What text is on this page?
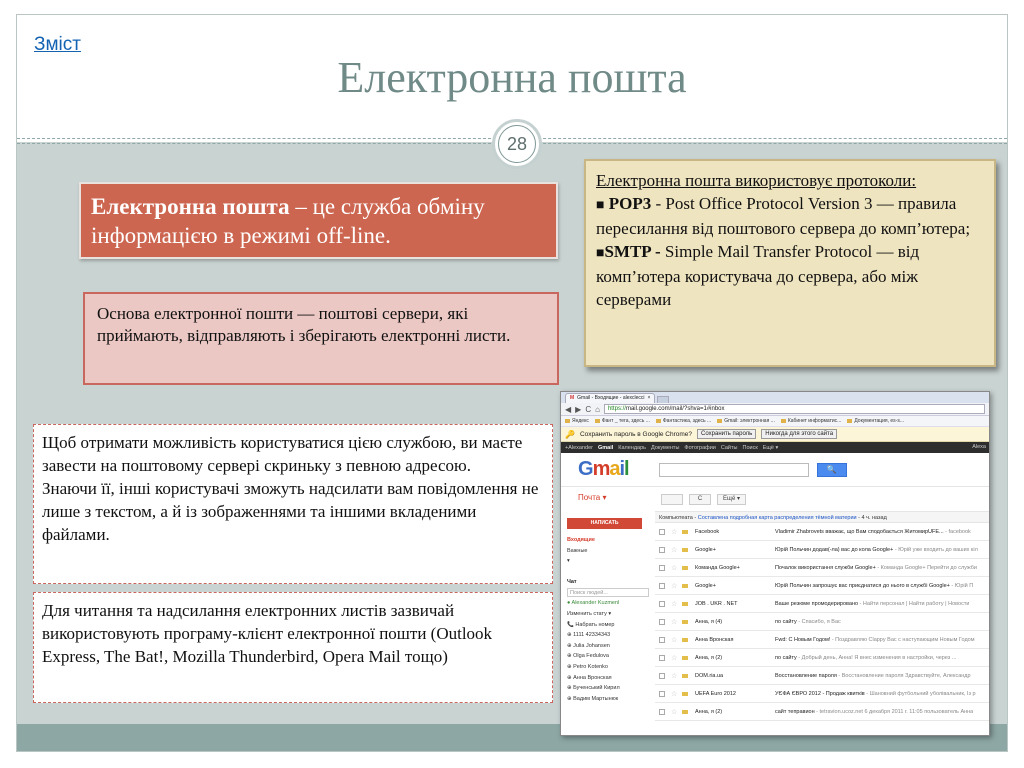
Зміст
Електронна пошта
28
Електронна пошта – це служба обміну інформацією в режимі off-line.
Основа електронної пошти — поштові сервери, які приймають, відправляють і зберігають електронні листи.
Електронна пошта використовує протоколи:
■ POP3 - Post Office Protocol Version 3 — правила пересилання від поштового сервера до комп’ютера;
■SMTP - Simple Mail Transfer Protocol — від комп’ютера користувача до сервера, або між серверами
Щоб отримати можливість користуватися цією службою, ви маєте завести на поштовому сервері скриньку з певною адресою.
Знаючи її, інші користувачі зможуть надсилати вам повідомлення не лише з текстом, а й із зображеннями та іншими вкладеними файлами.
Для читання та надсилання електронних листів зазвичай використовують програму-клієнт електронної пошти (Outlook Express, The Bat!, Mozilla Thunderbird, Opera Mail тощо)
M Gmail - Входящие - alexclecci ×
◀ ▶ C ⌂	https://mail.google.com/mail/?shva=1#inbox
Яндекс	Фант _ тега, здесь ...	Фантастика, здесь ...	Gmail: электронная ...	Кабинет информатис...	Документация, es-s...
🔑 Сохранить пароль в Google Chrome?	Сохранить пароль	Никогда для этого сайта
+Alexander Gmail Календарь Документы Фотографии Сайты Поиск Ещё ▾	Alexa
Gmail	🔍
Почта ▾
НАПИСАТЬ
Входящие
Важные
▾
Чат
Поиск людей...
● Alexander Kuzmenl
Изменить стату ▾
📞 Набрать номер
⊕ 1111 42334343
⊕ Julia Johansen
⊕ Olga Fedulova
⊕ Petro Kotenko
⊕ Анна Вронская
⊕ Бученський Кирил
⊕ Вадим Мартынюк
C	Ещё ▾
Компьютеата - Составлена подробная карта распределения тёмной материи - 4 ч. назад
☆	Facebook	Vladimir Zhabrovets вважає, що Вам сподобається ЖитомирUFE... - facebook
☆	Google+	Юрій Польчин додав(-ла) вас до кола Google+ - Юрій уже входить до ваших кіл
☆	Команда Google+	Почалок використання служби Google+ - Команда Google+ Перейти до служби
☆	Google+	Юрій Польчин запрошує вас приєднатися до нього в службі Google+ - Юрій П
☆	JOB . UKR . NET	Ваше резюме промодерировано - Найти персонал | Найти работу | Новости
☆	Анна, я (4)	по сайту - Спасибо, я Вас
☆	Анна Вронская	Fwd: С Новым Годом! - Поздравляю Clappy Вас с наступающим Новым Годом
☆	Анна, я (2)	по сайту - Добрый день, Анна! Я внес изменения в настройки, через ...
☆	DOM.ria.ua	Восстановление пароля - Восстановление пароля Здравствуйте, Александр
☆	UEFA Euro 2012	УЄФА ЄВРО 2012 - Продаж квитків - Шановний футбольний уболівальник, Із р
☆	Анна, я (2)	сайт теправион - tetravion.ucoz.net 6 декабря 2011 г. 11:05 пользователь Анна
